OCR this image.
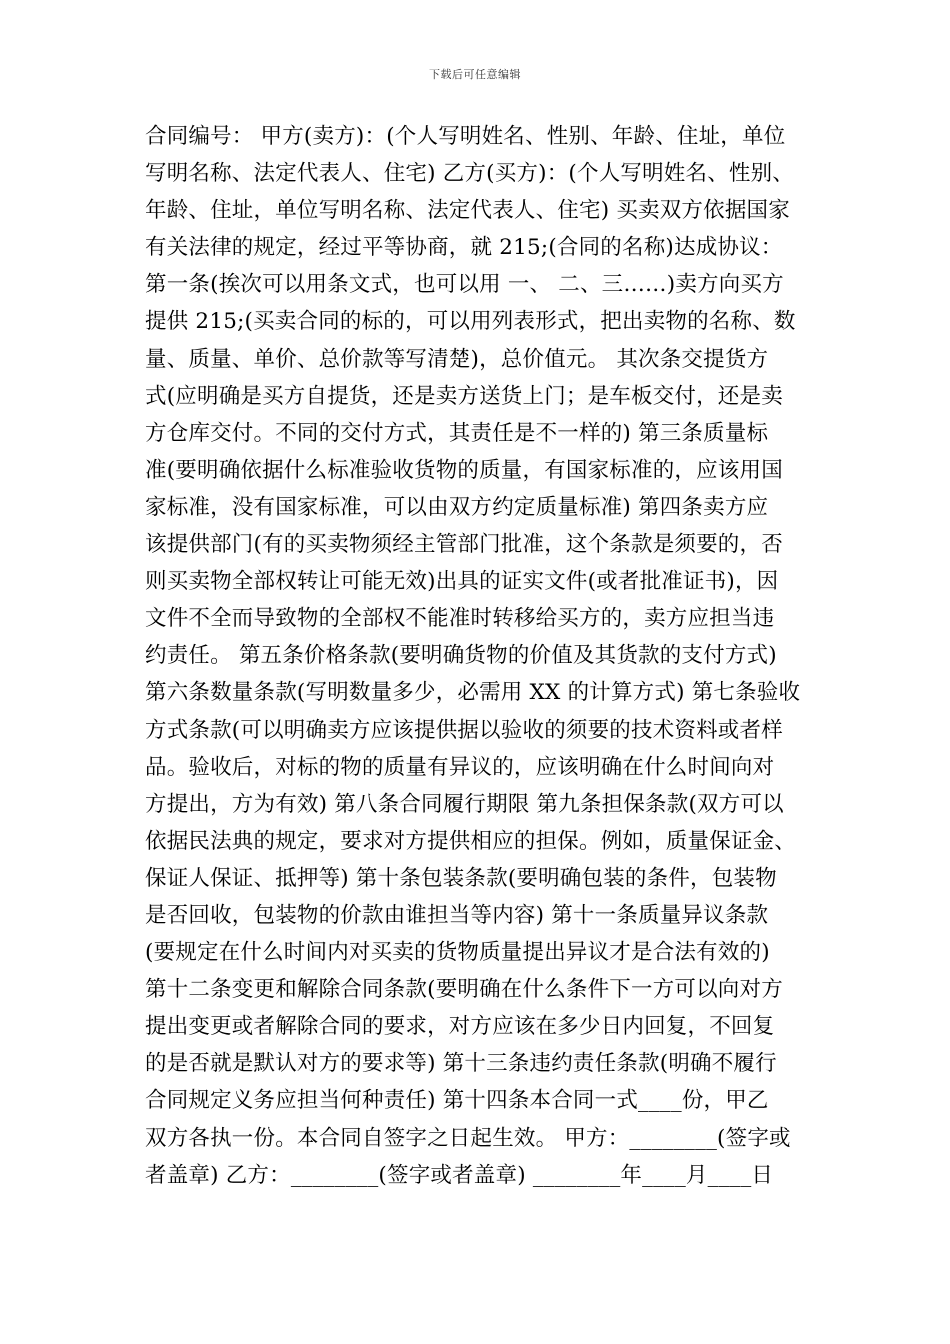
下载后可任意编辑
合同编号： 甲方(卖方)：(个人写明姓名、性别、年龄、住址，单位
写明名称、法定代表人、住宅) 乙方(买方)：(个人写明姓名、性别、
年龄、住址，单位写明名称、法定代表人、住宅) 买卖双方依据国家
有关法律的规定，经过平等协商，就 215;(合同的名称)达成协议：
第一条(挨次可以用条文式，也可以用 一、 二、三……)卖方向买方
提供 215;(买卖合同的标的，可以用列表形式，把出卖物的名称、数
量、质量、单价、总价款等写清楚)，总价值元。 其次条交提货方
式(应明确是买方自提货，还是卖方送货上门；是车板交付，还是卖
方仓库交付。不同的交付方式，其责任是不一样的) 第三条质量标
准(要明确依据什么标准验收货物的质量，有国家标准的，应该用国
家标准，没有国家标准，可以由双方约定质量标准) 第四条卖方应
该提供部门(有的买卖物须经主管部门批准，这个条款是须要的，否
则买卖物全部权转让可能无效)出具的证实文件(或者批准证书)，因
文件不全而导致物的全部权不能准时转移给买方的，卖方应担当违
约责任。 第五条价格条款(要明确货物的价值及其货款的支付方式)
第六条数量条款(写明数量多少，必需用 XX 的计算方式) 第七条验收
方式条款(可以明确卖方应该提供据以验收的须要的技术资料或者样
品。验收后，对标的物的质量有异议的，应该明确在什么时间向对
方提出，方为有效) 第八条合同履行期限 第九条担保条款(双方可以
依据民法典的规定，要求对方提供相应的担保。例如，质量保证金、
保证人保证、抵押等) 第十条包装条款(要明确包装的条件，包装物
是否回收，包装物的价款由谁担当等内容) 第十一条质量异议条款
(要规定在什么时间内对买卖的货物质量提出异议才是合法有效的)
第十二条变更和解除合同条款(要明确在什么条件下一方可以向对方
提出变更或者解除合同的要求，对方应该在多少日内回复，不回复
的是否就是默认对方的要求等) 第十三条违约责任条款(明确不履行
合同规定义务应担当何种责任) 第十四条本合同一式____份，甲乙
双方各执一份。本合同自签字之日起生效。 甲方：________(签字或
者盖章) 乙方：________(签字或者盖章) ________年____月____日
